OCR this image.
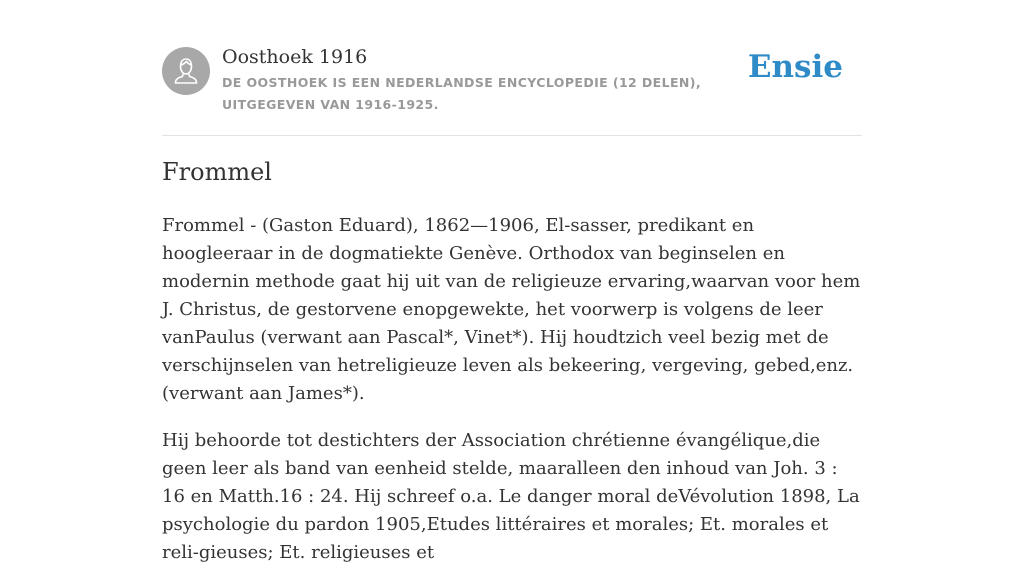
Oosthoek 1916
DE OOSTHOEK IS EEN NEDERLANDSE ENCYCLOPEDIE (12 DELEN), UITGEGEVEN VAN 1916-1925.
Ensie
Frommel

Frommel - (Gaston Eduard), 1862—1906, El-sasser, predikant en hoogleeraar in de dogmatiekte Genève. Orthodox van beginselen en modernin methode gaat hij uit van de religieuze ervaring,waarvan voor hem J. Christus, de gestorvene enopgewekte, het voorwerp is volgens de leer vanPaulus (verwant aan Pascal*, Vinet*). Hij houdtzich veel bezig met de verschijnselen van hetreligieuze leven als bekeering, vergeving, gebed,enz. (verwant aan James*).

Hij behoorde tot destichters der Association chrétienne évangélique,die geen leer als band van eenheid stelde, maaralleen den inhoud van Joh. 3 : 16 en Matth.16 : 24. Hij schreef o.a. Le danger moral deVévolution 1898, La psychologie du pardon 1905,Etudes littéraires et morales; Et. morales et reli-gieuses; Et. religieuses et
